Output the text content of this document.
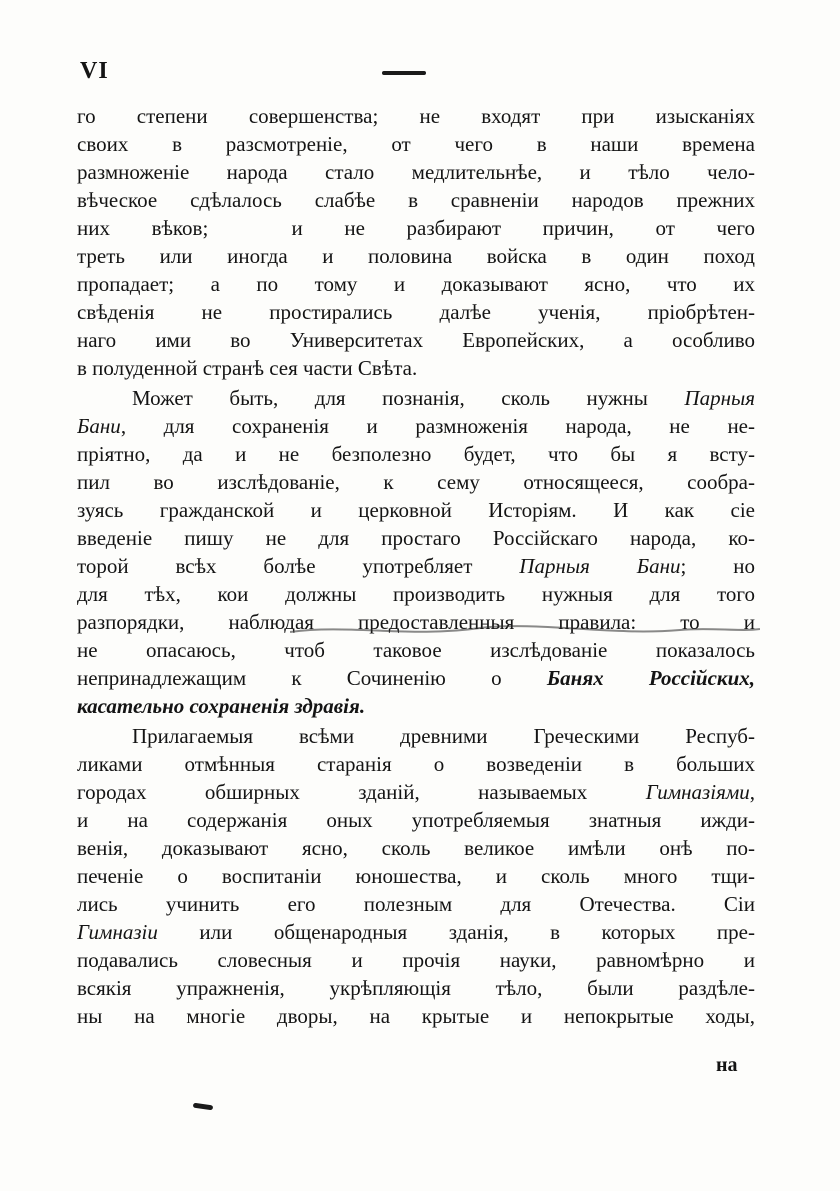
VI
го степени совершенства; не входят при изысканіях
своих в разсмотреніе, от чего в наши времена
размноженіе народа стало медлительнѣе, и тѣло чело-
вѣческое сдѣлалось слабѣе в сравненіи народов прежних
них вѣков;  и не разбирают причин, от чего
треть или иногда и половина войска в один поход
пропадает; а по тому и доказывают ясно, что их
свѣденія не простирались далѣе ученія, пріобрѣтен-
наго ими во Университетах Европейских, а особливо
в полуденной странѣ сея части Свѣта.
Может быть, для познанія, сколь нужны Парныя
Бани, для сохраненія и размноженія народа, не не-
пріятно, да и не безполезно будет, что бы я всту-
пил во изслѣдованіе, к сему относящееся, сообра-
зуясь гражданской и церковной Исторіям. И как сіе
введеніе пишу не для простаго Россійскаго народа, ко-
торой всѣх болѣе употребляет Парныя Бани; но
для тѣх, кои должны производить нужныя для того
разпорядки, наблюдая предоставленныя правила: то и
не опасаюсь, чтоб таковое изслѣдованіе показалось
непринадлежащим к Сочиненію о Банях Россійских,
касательно сохраненія здравія.
Прилагаемыя всѣми древними Греческими Респуб-
ликами отмѣнныя старанія о возведеніи в больших
городах обширных зданій, называемых Гимназіями,
и на содержанія оных употребляемыя знатныя ижди-
венія, доказывают ясно, сколь великое имѣли онѣ по-
печеніе о воспитаніи юношества, и сколь много тщи-
лись учинить его полезным для Отечества. Сіи
Гимназіи или общенародныя зданія, в которых пре-
подавались словесныя и прочія науки, равномѣрно и
всякія упражненія, укрѣпляющія тѣло, были раздѣле-
ны на многіе дворы, на крытые и непокрытые ходы,
на
